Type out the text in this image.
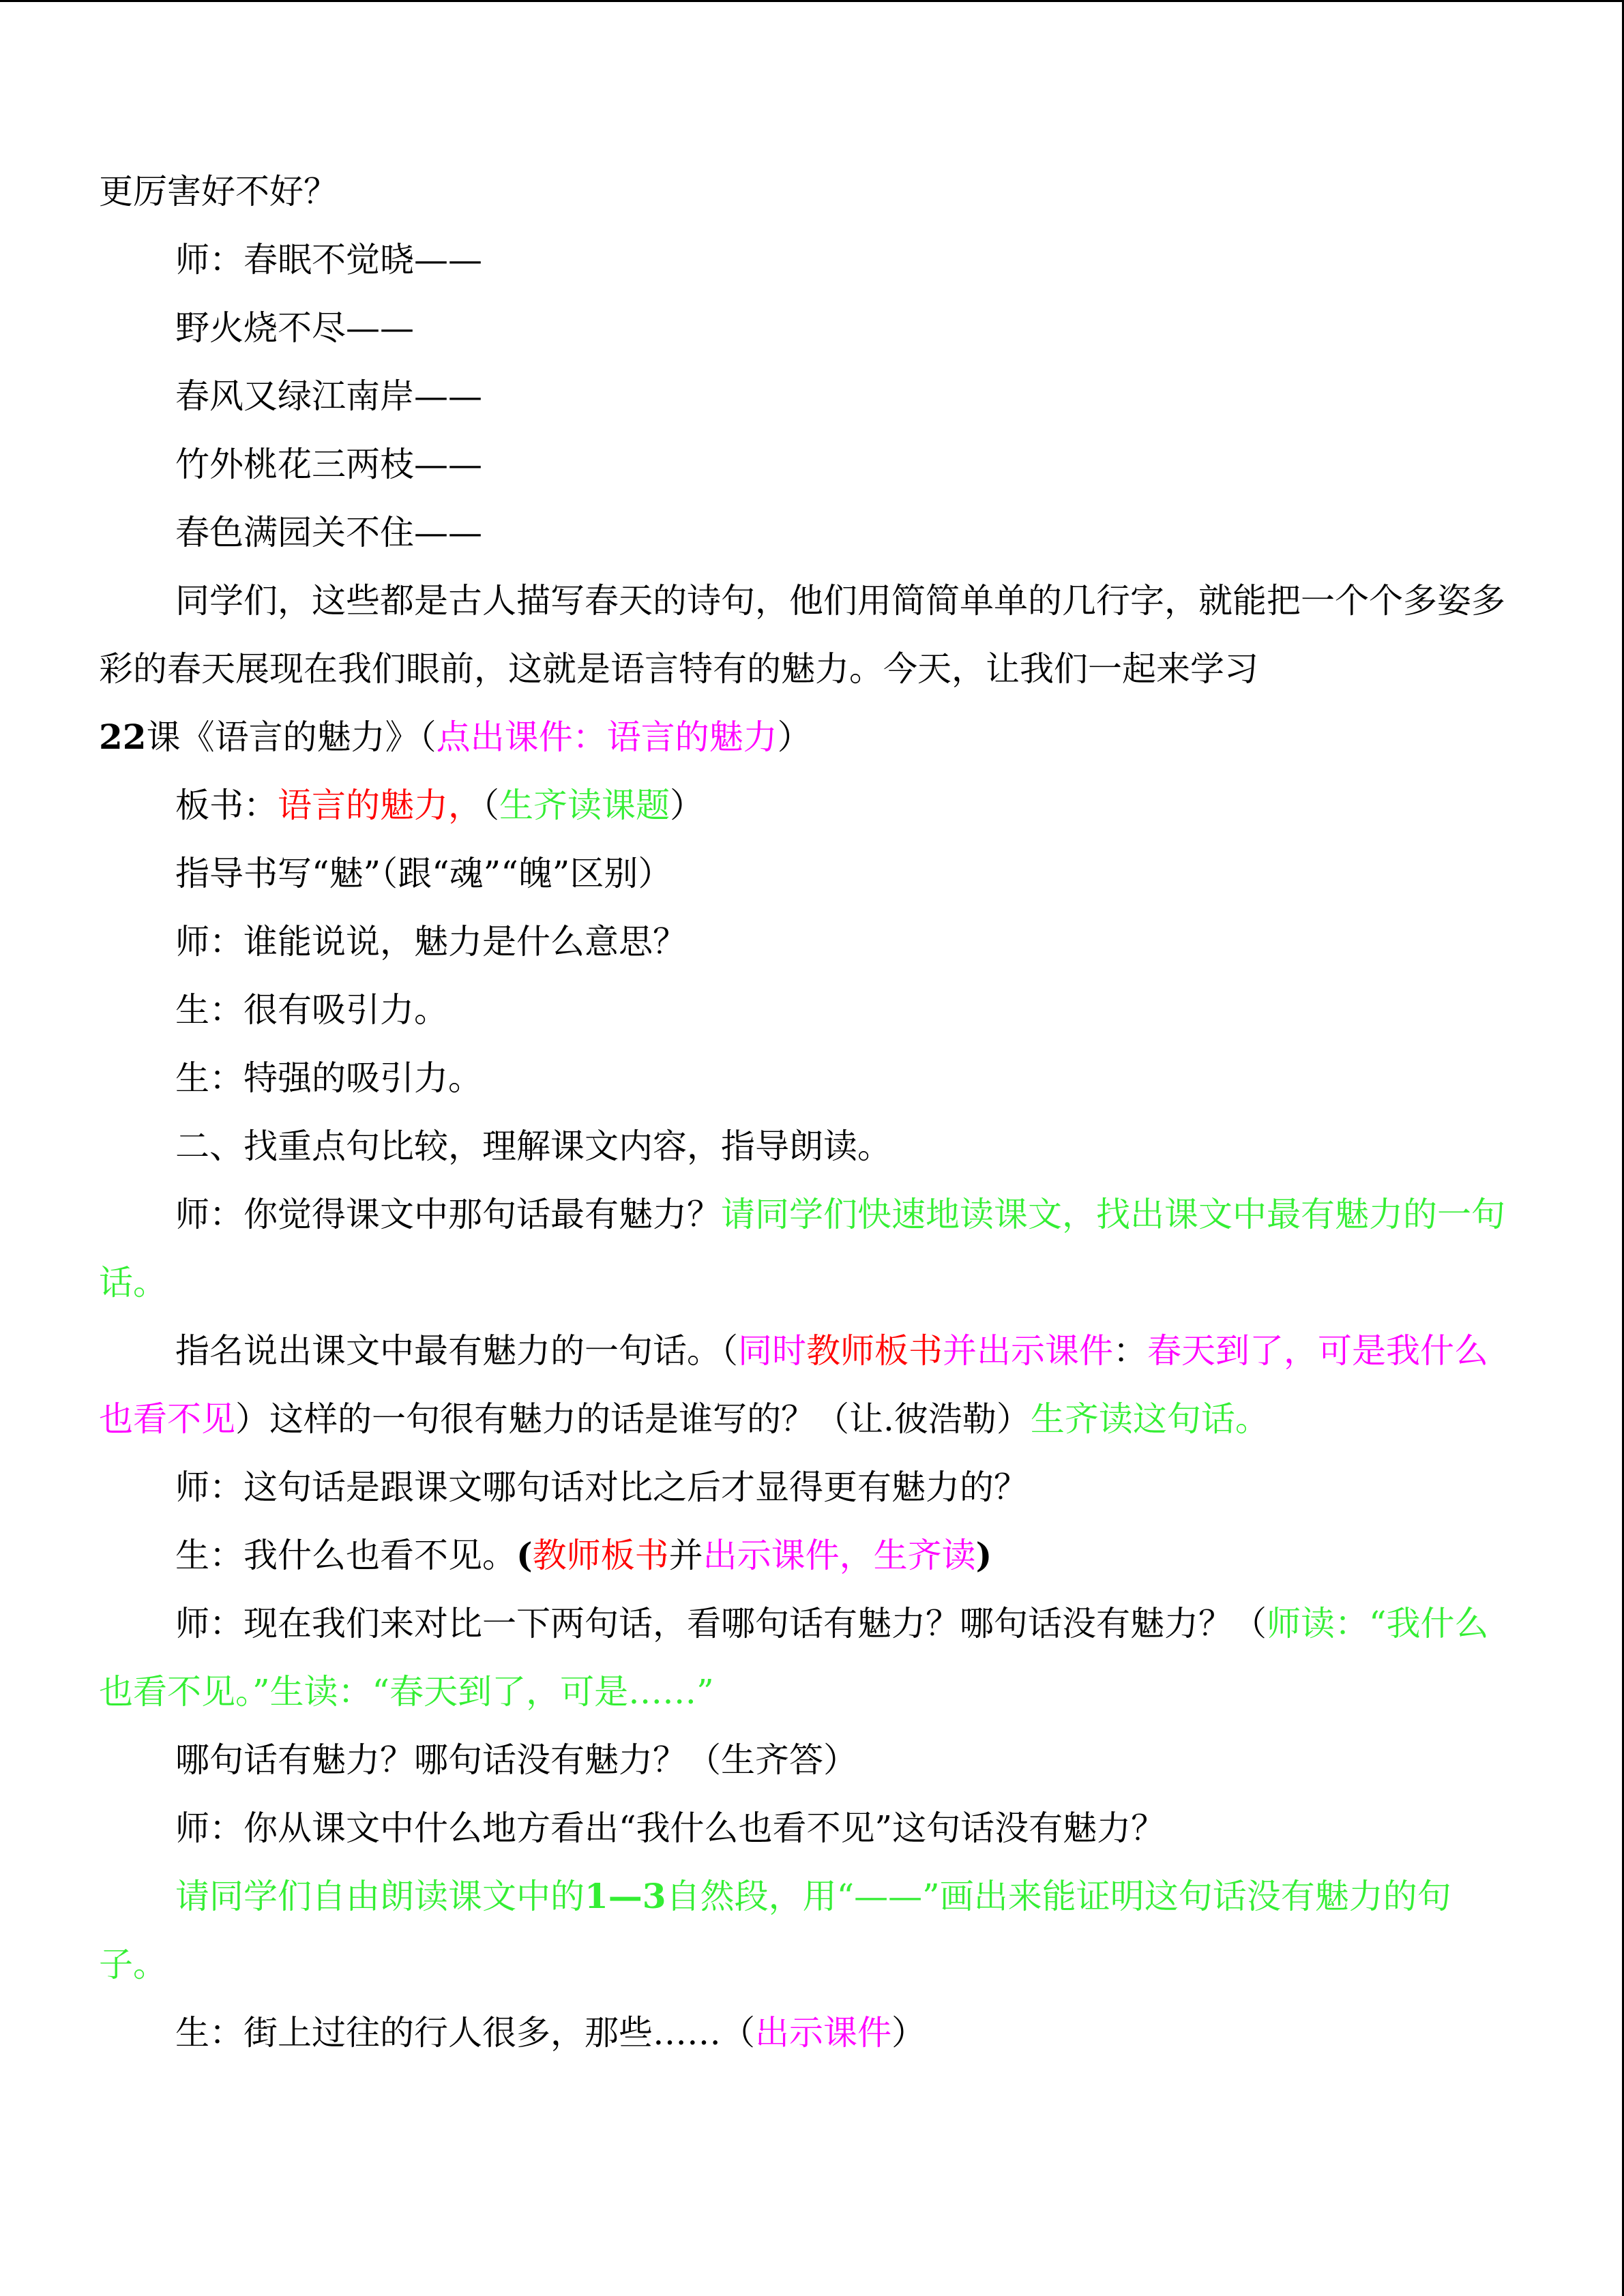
更厉害好不好？

师：春眠不觉晓——

野火烧不尽——

春风又绿江南岸——

竹外桃花三两枝——

春色满园关不住——

同学们，这些都是古人描写春天的诗句，他们用简简单单的几行字，就能把一个个多姿多彩的春天展现在我们眼前，这就是语言特有的魅力。今天，让我们一起来学习

22课《语言的魅力》（点出课件：语言的魅力）

板书：语言的魅力，（生齐读课题）

指导书写“魅”（跟“魂”“魄”区别）

师：谁能说说，魅力是什么意思？

生：很有吸引力。

生：特强的吸引力。

二、找重点句比较，理解课文内容，指导朗读。

师：你觉得课文中那句话最有魅力？请同学们快速地读课文，找出课文中最有魅力的一句话。

指名说出课文中最有魅力的一句话。（同时教师板书并出示课件：春天到了，可是我什么也看不见）这样的一句很有魅力的话是谁写的？（让.彼浩勒）生齐读这句话。

师：这句话是跟课文哪句话对比之后才显得更有魅力的？

生：我什么也看不见。(教师板书并出示课件，生齐读)

师：现在我们来对比一下两句话，看哪句话有魅力？哪句话没有魅力？（师读：“我什么也看不见。”生读：“春天到了，可是……”

哪句话有魅力？哪句话没有魅力？（生齐答）

师：你从课文中什么地方看出“我什么也看不见”这句话没有魅力？

请同学们自由朗读课文中的1—3自然段，用“——”画出来能证明这句话没有魅力的句子。

生：街上过往的行人很多，那些……（出示课件）
